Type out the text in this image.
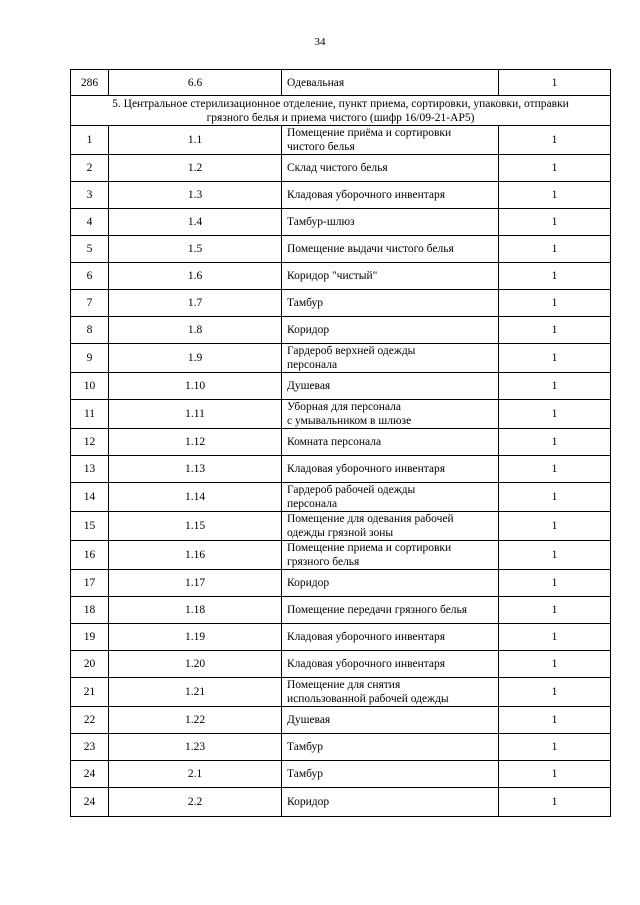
34
286	6.6	Одевальная	1
5. Центральное стерилизационное отделение, пункт приема, сортировки, упаковки, отправки
грязного белья и приема чистого (шифр 16/09-21-АР5)			
1	1.1	Помещение приёма и сортировки
чистого белья	1
2	1.2	Склад чистого белья	1
3	1.3	Кладовая уборочного инвентаря	1
4	1.4	Тамбур-шлюз	1
5	1.5	Помещение выдачи чистого белья	1
6	1.6	Коридор "чистый"	1
7	1.7	Тамбур	1
8	1.8	Коридор	1
9	1.9	Гардероб верхней одежды
персонала	1
10	1.10	Душевая	1
11	1.11	Уборная для персонала
с умывальником в шлюзе	1
12	1.12	Комната персонала	1
13	1.13	Кладовая уборочного инвентаря	1
14	1.14	Гардероб рабочей одежды
персонала	1
15	1.15	Помещение для одевания рабочей
одежды грязной зоны	1
16	1.16	Помещение приема и сортировки
грязного белья	1
17	1.17	Коридор	1
18	1.18	Помещение передачи грязного белья	1
19	1.19	Кладовая уборочного инвентаря	1
20	1.20	Кладовая уборочного инвентаря	1
21	1.21	Помещение для снятия
использованной рабочей одежды	1
22	1.22	Душевая	1
23	1.23	Тамбур	1
24	2.1	Тамбур	1
24	2.2	Коридор	1
